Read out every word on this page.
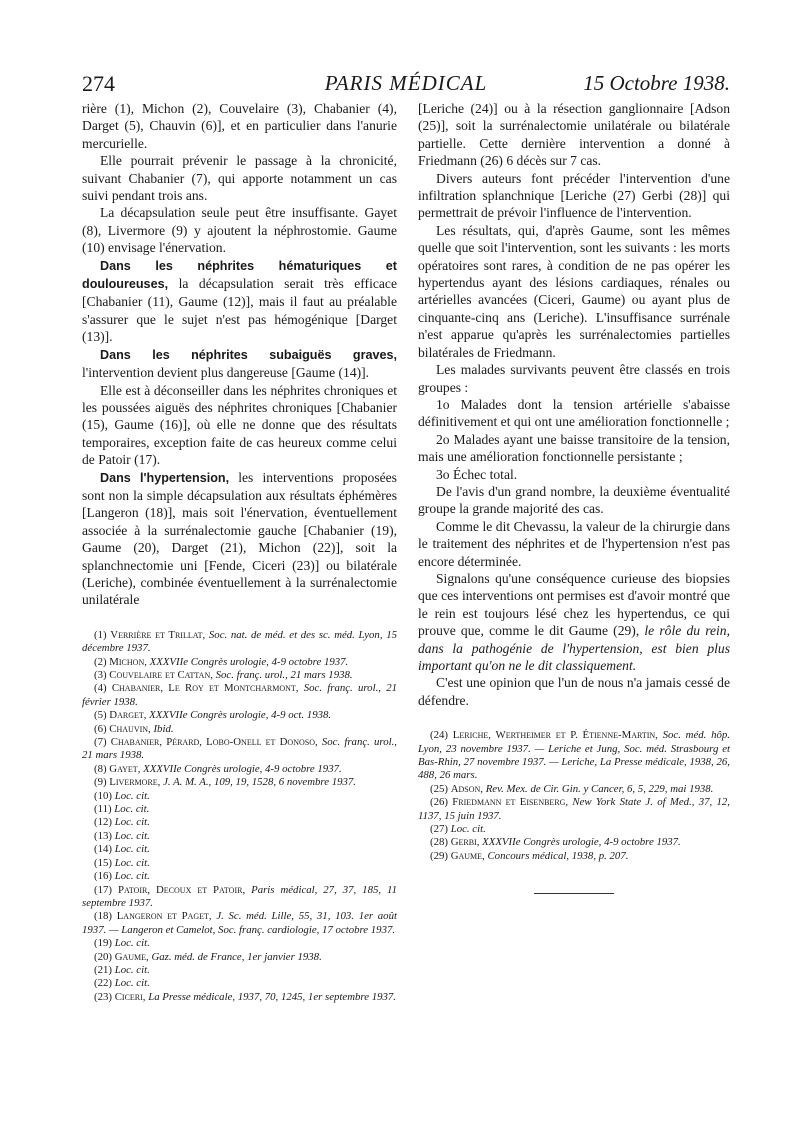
274	PARIS MÉDICAL	15 Octobre 1938.

rière (1), Michon (2), Couvelaire (3), Chabanier (4), Darget (5), Chauvin (6)], et en particulier dans l'anurie mercurielle.

Elle pourrait prévenir le passage à la chronicité, suivant Chabanier (7), qui apporte notamment un cas suivi pendant trois ans.

La décapsulation seule peut être insuffisante. Gayet (8), Livermore (9) y ajoutent la néphrostomie. Gaume (10) envisage l'énervation.

Dans les néphrites hématuriques et douloureuses, la décapsulation serait très efficace [Chabanier (11), Gaume (12)], mais il faut au préalable s'assurer que le sujet n'est pas hémogénique [Darget (13)].

Dans les néphrites subaiguës graves, l'intervention devient plus dangereuse [Gaume (14)].

Elle est à déconseiller dans les néphrites chroniques et les poussées aiguës des néphrites chroniques [Chabanier (15), Gaume (16)], où elle ne donne que des résultats temporaires, exception faite de cas heureux comme celui de Patoir (17).

Dans l'hypertension, les interventions proposées sont non la simple décapsulation aux résultats éphémères [Langeron (18)], mais soit l'énervation, éventuellement associée à la surrénalectomie gauche [Chabanier (19), Gaume (20), Darget (21), Michon (22)], soit la splanchnectomie uni [Fende, Ciceri (23)] ou bilatérale (Leriche), combinée éventuellement à la surrénalectomie unilatérale

(1) Verrière et Trillat, Soc. nat. de méd. et des sc. méd. Lyon, 15 décembre 1937.

(2) Michon, XXXVIIe Congrès urologie, 4-9 octobre 1937.

(3) Couvelaire et Cattan, Soc. franç. urol., 21 mars 1938.

(4) Chabanier, Le Roy et Montcharmont, Soc. franç. urol., 21 février 1938.

(5) Darget, XXXVIIe Congrès urologie, 4-9 oct. 1938.

(6) Chauvin, Ibid.

(7) Chabanier, Pérard, Lobo-Onell et Donoso, Soc. franç. urol., 21 mars 1938.

(8) Gayet, XXXVIIe Congrès urologie, 4-9 octobre 1937.

(9) Livermore, J. A. M. A., 109, 19, 1528, 6 novembre 1937.

(10) Loc. cit.

(11) Loc. cit.

(12) Loc. cit.

(13) Loc. cit.

(14) Loc. cit.

(15) Loc. cit.

(16) Loc. cit.

(17) Patoir, Decoux et Patoir, Paris médical, 27, 37, 185, 11 septembre 1937.

(18) Langeron et Paget, J. Sc. méd. Lille, 55, 31, 103. 1er août 1937. — Langeron et Camelot, Soc. franç. cardiologie, 17 octobre 1937.

(19) Loc. cit.

(20) Gaume, Gaz. méd. de France, 1er janvier 1938.

(21) Loc. cit.

(22) Loc. cit.

(23) Ciceri, La Presse médicale, 1937, 70, 1245, 1er septembre 1937.

[Leriche (24)] ou à la résection ganglionnaire [Adson (25)], soit la surrénalectomie unilatérale ou bilatérale partielle. Cette dernière intervention a donné à Friedmann (26) 6 décès sur 7 cas.

Divers auteurs font précéder l'intervention d'une infiltration splanchnique [Leriche (27) Gerbi (28)] qui permettrait de prévoir l'influence de l'intervention.

Les résultats, qui, d'après Gaume, sont les mêmes quelle que soit l'intervention, sont les suivants : les morts opératoires sont rares, à condition de ne pas opérer les hypertendus ayant des lésions cardiaques, rénales ou artérielles avancées (Ciceri, Gaume) ou ayant plus de cinquante-cinq ans (Leriche). L'insuffisance surrénale n'est apparue qu'après les surrénalectomies partielles bilatérales de Friedmann.

Les malades survivants peuvent être classés en trois groupes :

1o Malades dont la tension artérielle s'abaisse définitivement et qui ont une amélioration fonctionnelle ;

2o Malades ayant une baisse transitoire de la tension, mais une amélioration fonctionnelle persistante ;

3o Échec total.

De l'avis d'un grand nombre, la deuxième éventualité groupe la grande majorité des cas.

Comme le dit Chevassu, la valeur de la chirurgie dans le traitement des néphrites et de l'hypertension n'est pas encore déterminée.

Signalons qu'une conséquence curieuse des biopsies que ces interventions ont permises est d'avoir montré que le rein est toujours lésé chez les hypertendus, ce qui prouve que, comme le dit Gaume (29), le rôle du rein, dans la pathogénie de l'hypertension, est bien plus important qu'on ne le dit classiquement.

C'est une opinion que l'un de nous n'a jamais cessé de défendre.

(24) Leriche, Wertheimer et P. Étienne-Martin, Soc. méd. hôp. Lyon, 23 novembre 1937. — Leriche et Jung, Soc. méd. Strasbourg et Bas-Rhin, 27 novembre 1937. — Leriche, La Presse médicale, 1938, 26, 488, 26 mars.

(25) Adson, Rev. Mex. de Cir. Gin. y Cancer, 6, 5, 229, mai 1938.

(26) Friedmann et Eisenberg, New York State J. of Med., 37, 12, 1137, 15 juin 1937.

(27) Loc. cit.

(28) Gerbi, XXXVIIe Congrès urologie, 4-9 octobre 1937.

(29) Gaume, Concours médical, 1938, p. 207.
